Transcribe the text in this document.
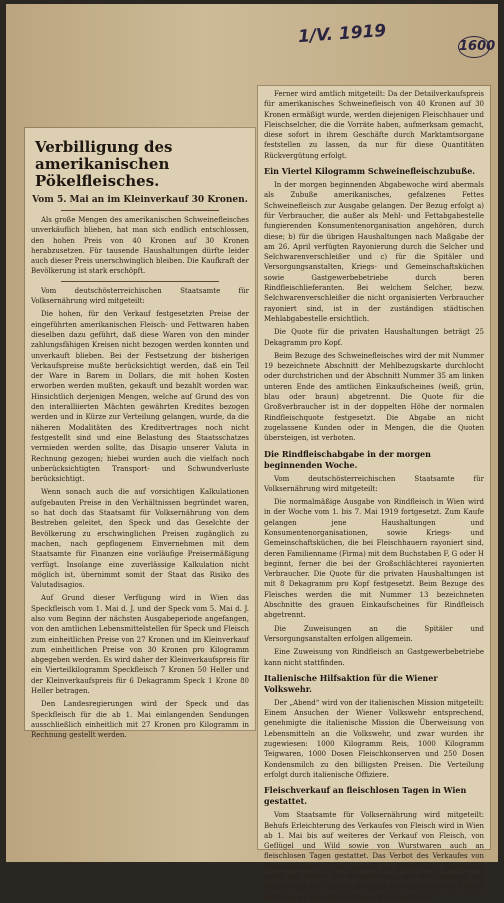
1/V. 1919	1600
Verbilligung des amerikanischen Pökelfleisches.
Vom 5. Mai an im Kleinverkauf 30 Kronen.

Als große Mengen des amerikanischen Schweinefleisches unverkäuflich blieben, hat man sich endlich entschlossen, den hohen Preis von 40 Kronen auf 30 Kronen herabzusetzen. Für tausende Haushaltungen dürfte leider auch dieser Preis unerschwinglich bleiben. Die Kaufkraft der Bevölkerung ist stark erschöpft.

Vom deutschösterreichischen Staatsamte für Volksernährung wird mitgeteilt:

Die hohen, für den Verkauf festgesetzten Preise der eingeführten amerikanischen Fleisch- und Fettwaren haben dieselben dazu geführt, daß diese Waren von den minder zahlungsfähigen Kreisen nicht bezogen werden konnten und unverkauft blieben. Bei der Festsetzung der bisherigen Verkaufspreise mußte berücksichtigt werden, daß ein Teil der Ware in Barem in Dollars, die mit hohen Kosten erworben werden mußten, gekauft und bezahlt worden war. Hinsichtlich derjenigen Mengen, welche auf Grund des von den interalliierten Mächten gewährten Kredites bezogen werden und in Kürze zur Verteilung gelangen, wurde, da die näheren Modalitäten des Kreditvertrages noch nicht festgestellt sind und eine Belastung des Staatsschatzes vermieden werden sollte, das Disagio unserer Valuta in Rechnung gezogen; hiebei wurden auch die vielfach noch unberücksichtigten Transport- und Schwundverluste berücksichtigt.

Wenn sonach auch die auf vorsichtigen Kalkulationen aufgebauten Preise in den Verhältnissen begründet waren, so hat doch das Staatsamt für Volksernährung von dem Bestreben geleitet, den Speck und das Geselchte der Bevölkerung zu erschwinglichen Preisen zugänglich zu machen, nach gepflogenem Einvernehmen mit dem Staatsamte für Finanzen eine vorläufige Preisermäßigung verfügt. Insolange eine zuverlässige Kalkulation nicht möglich ist, übernimmt somit der Staat das Risiko des Valutadisagios.

Auf Grund dieser Verfügung wird in Wien das Speckfleisch vom 1. Mai d. J. und der Speck vom 5. Mai d. J. also vom Beginn der nächsten Ausgabeperiode angefangen, von den amtlichen Lebensmittelstellen für Speck und Fleisch zum einheitlichen Preise von 27 Kronen und im Kleinverkauf zum einheitlichen Preise von 30 Kronen pro Kilogramm abgegeben werden. Es wird daher der Kleinverkaufspreis für ein Vierteilkilogramm Speckfleisch 7 Kronen 50 Heller und der Kleinverkaufspreis für 6 Dekagramm Speck 1 Krone 80 Heller betragen.

Den Landesregierungen wird der Speck und das Speckfleisch für die ab 1. Mai einlangenden Sendungen ausschließlich einheitlich mit 27 Kronen pro Kilogramm in Rechnung gestellt werden.

Ferner wird amtlich mitgeteilt: Da der Detailverkaufspreis für amerikanisches Schweinefleisch von 40 Kronen auf 30 Kronen ermäßigt wurde, werden diejenigen Fleischhauer und Fleischselcher, die die Vorräte haben, aufmerksam gemacht, diese sofort in ihrem Geschäfte durch Marktamtsorgane feststellen zu lassen, da nur für diese Quantitäten Rückvergütung erfolgt.

Ein Viertel Kilogramm Schweinefleischzubuße.

In der morgen beginnenden Abgabewoche wird abermals als Zubuße amerikanisches, gefalzenes Fettes Schweinefleisch zur Ausgabe gelangen. Der Bezug erfolgt a) für Verbraucher, die außer als Mehl- und Fettabgabestelle fungierenden Konsumentenorganisation angehören, durch diese; b) für die übrigen Haushaltungen nach Maßgabe der am 26. April verfügten Rayonierung durch die Selcher und Selchwarenverschleißer und c) für die Spitäler und Versorgungsanstalten, Kriegs- und Gemeinschaftsküchen sowie Gastgewerbebetriebe durch beren Rindfleischlieferanten. Bei welchem Selcher, bezw. Selchwarenverschleißer die nicht organisierten Verbraucher rayoniert sind, ist in der zuständigen städtischen Mehlabgabestelle ersichtlich.

Die Quote für die privaten Haushaltungen beträgt 25 Dekagramm pro Kopf.

Beim Bezuge des Schweinefleisches wird der mit Nummer 19 bezeichnete Abschnitt der Mehlbezugskarte durchlocht oder durchstrichen und der Abschnitt Nummer 35 am linken unteren Ende des amtlichen Einkaufscheines (weiß, grün, blau oder braun) abgetrennt. Die Quote für die Großverbraucher ist in der doppelten Höhe der normalen Rindfleischquote festgesetzt. Die Abgabe an nicht zugelassene Kunden oder in Mengen, die die Quoten übersteigen, ist verboten.

Die Rindfleischabgabe in der morgen beginnenden Woche.

Vom deutschösterreichischen Staatsamte für Volksernährung wird mitgeteilt:

Die normalmäßige Ausgabe von Rindfleisch in Wien wird in der Woche vom 1. bis 7. Mai 1919 fortgesetzt. Zum Kaufe gelangen jene Haushaltungen und Konsumentenorganisationen, sowie Kriegs- und Gemeinschaftsküchen, die bei Fleischhauern rayoniert sind, deren Familienname (Firma) mit dem Buchstaben F, G oder H beginnt, ferner die bei der Großschlächterei rayonierten Verbraucher. Die Quote für die privaten Haushaltungen ist mit 8 Dekagramm pro Kopf festgesetzt. Beim Bezuge des Fleisches werden die mit Nummer 13 bezeichneten Abschnitte des grauen Einkaufscheines für Rindfleisch abgetrennt.

Die Zuweisungen an die Spitäler und Versorgungsanstalten erfolgen allgemein.

Eine Zuweisung von Rindfleisch an Gastgewerbebetriebe kann nicht stattfinden.

Italienische Hilfsaktion für die Wiener Volkswehr.

Der „Abend“ wird von der italienischen Mission mitgeteilt: Einem Ansuchen der Wiener Volkswehr entsprechend, genehmigte die italienische Mission die Überweisung von Lebensmitteln an die Volkswehr, und zwar wurden ihr zugewiesen: 1000 Kilogramm Reis, 1000 Kilogramm Teigwaren, 1000 Dosen Fleischkonserven und 250 Dosen Kondensmilch zu den billigsten Preisen. Die Verteilung erfolgt durch italienische Offiziere.

Fleischverkauf an fleischlosen Tagen in Wien gestattet.

Vom Staatsamte für Volksernährung wird mitgeteilt: Behufs Erleichterung des Verkaufes von Fleisch wird in Wien ab 1. Mai bis auf weiteres der Verkauf von Fleisch, von Geflügel und Wild sowie von Wurstwaren auch an fleischlosen Tagen gestattet. Das Verbot des Verkaufes von Fleischkonserven und Speisen an öffentlichen Gaststätten sowie das Verbot der Verabreichung und des Genusses von Fleisch und von Speisen die ganz oder teilweise aus Fleisch bestehen an fleischlosen Tagen bleibt aufrecht.
